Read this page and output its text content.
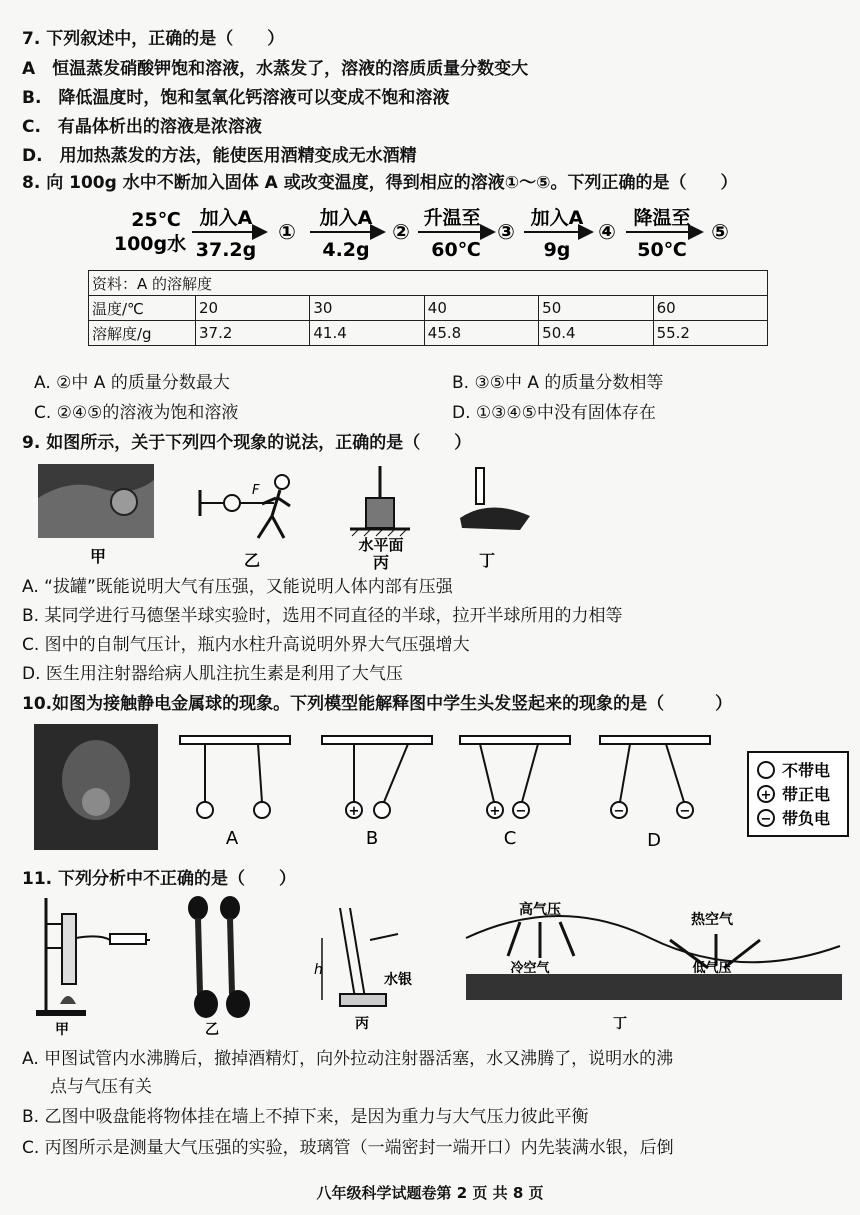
7. 下列叙述中，正确的是（　　）
A　恒温蒸发硝酸钾饱和溶液，水蒸发了，溶液的溶质质量分数变大
B.　降低温度时，饱和氢氧化钙溶液可以变成不饱和溶液
C.　有晶体析出的溶液是浓溶液
D.　用加热蒸发的方法，能使医用酒精变成无水酒精
8. 向 100g 水中不断加入固体 A 或改变温度，得到相应的溶液①～⑤。下列正确的是（　　）
25℃
100g水
加入A
37.2g
①
加入A
4.2g
②
升温至
60℃
③
加入A
9g
④
降温至
50℃
⑤
资料：A 的溶解度					
温度/℃	20	30	40	50	60
溶解度/g	37.2	41.4	45.8	50.4	55.2
A. ②中 A 的质量分数最大	B. ③⑤中 A 的质量分数相等
C. ②④⑤的溶液为饱和溶液	D. ①③④⑤中没有固体存在
9. 如图所示，关于下列四个现象的说法，正确的是（　　）
甲
F
乙
水平面
丙	丁
A. “拔罐”既能说明大气有压强，又能说明人体内部有压强
B. 某同学进行马德堡半球实验时，选用不同直径的半球，拉开半球所用的力相等
C. 图中的自制气压计，瓶内水柱升高说明外界大气压强增大
D. 医生用注射器给病人肌注抗生素是利用了大气压
10.如图为接触静电金属球的现象。下列模型能解释图中学生头发竖起来的现象的是（　　　）
A
+
B
+ −
C
−	−
D
不带电
+ 带正电
− 带负电
11. 下列分析中不正确的是（　　）
甲	乙
h
水银
丙
高气压
冷空气
热空气
低气压
丁
A. 甲图试管内水沸腾后，撤掉酒精灯，向外拉动注射器活塞，水又沸腾了，说明水的沸
点与气压有关
B. 乙图中吸盘能将物体挂在墙上不掉下来，是因为重力与大气压力彼此平衡
C. 丙图所示是测量大气压强的实验，玻璃管（一端密封一端开口）内先装满水银，后倒
八年级科学试题卷第 2 页 共 8 页
